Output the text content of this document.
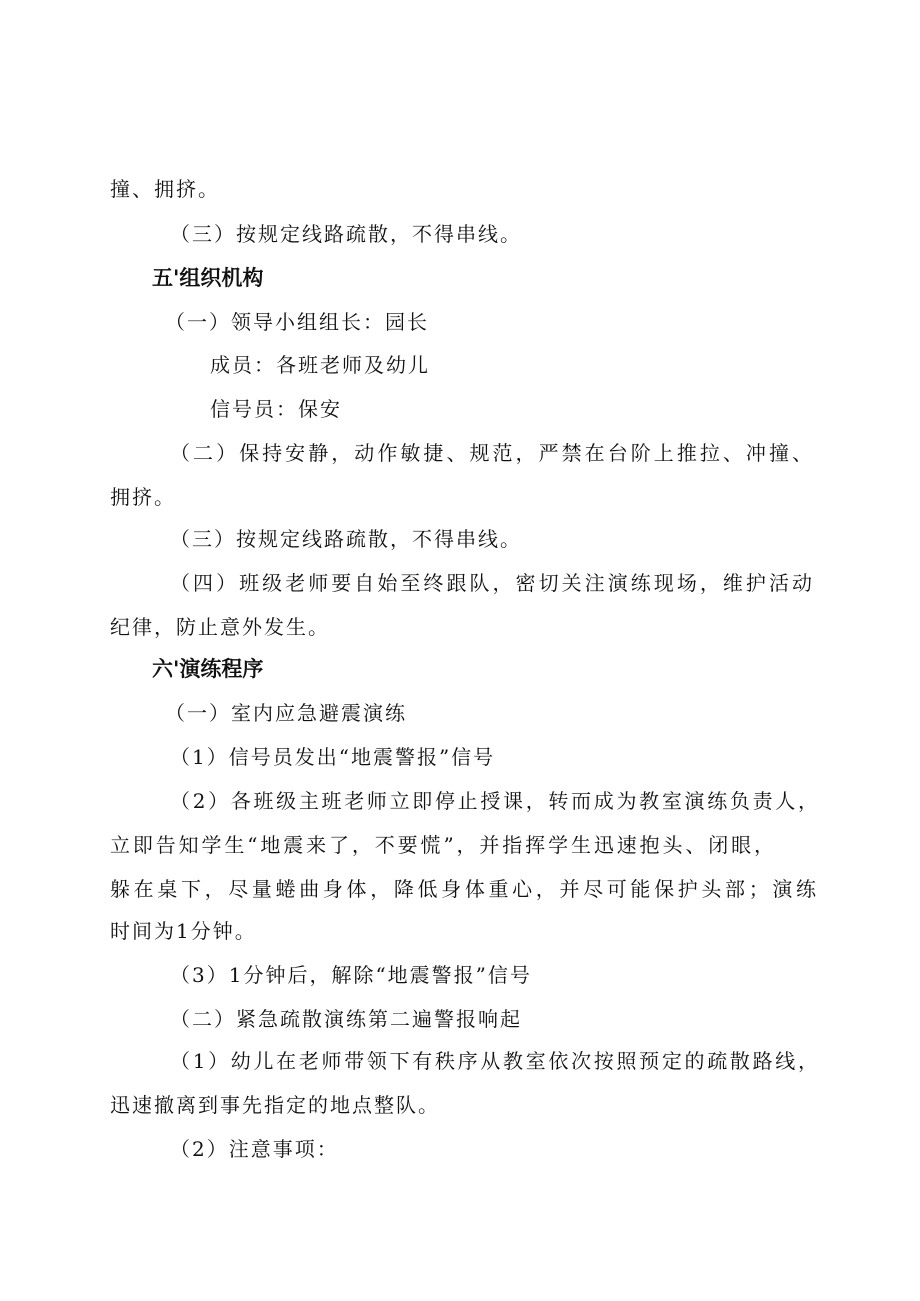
撞、拥挤。
（三）按规定线路疏散，不得串线。
五'组织机构
（一）领导小组组长：园长
成员：各班老师及幼儿
信号员：保安
（二）保持安静，动作敏捷、规范，严禁在台阶上推拉、冲撞、
拥挤。
（三）按规定线路疏散，不得串线。
（四）班级老师要自始至终跟队，密切关注演练现场，维护活动
纪律，防止意外发生。
六'演练程序
（一）室内应急避震演练
（1）信号员发出“地震警报”信号
（2）各班级主班老师立即停止授课，转而成为教室演练负责人，
立即告知学生“地震来了，不要慌”，并指挥学生迅速抱头、闭眼，
躲在桌下，尽量蜷曲身体，降低身体重心，并尽可能保护头部；演练
时间为1分钟。
（3）1分钟后，解除“地震警报”信号
（二）紧急疏散演练第二遍警报响起
（1）幼儿在老师带领下有秩序从教室依次按照预定的疏散路线，
迅速撤离到事先指定的地点整队。
（2）注意事项：
